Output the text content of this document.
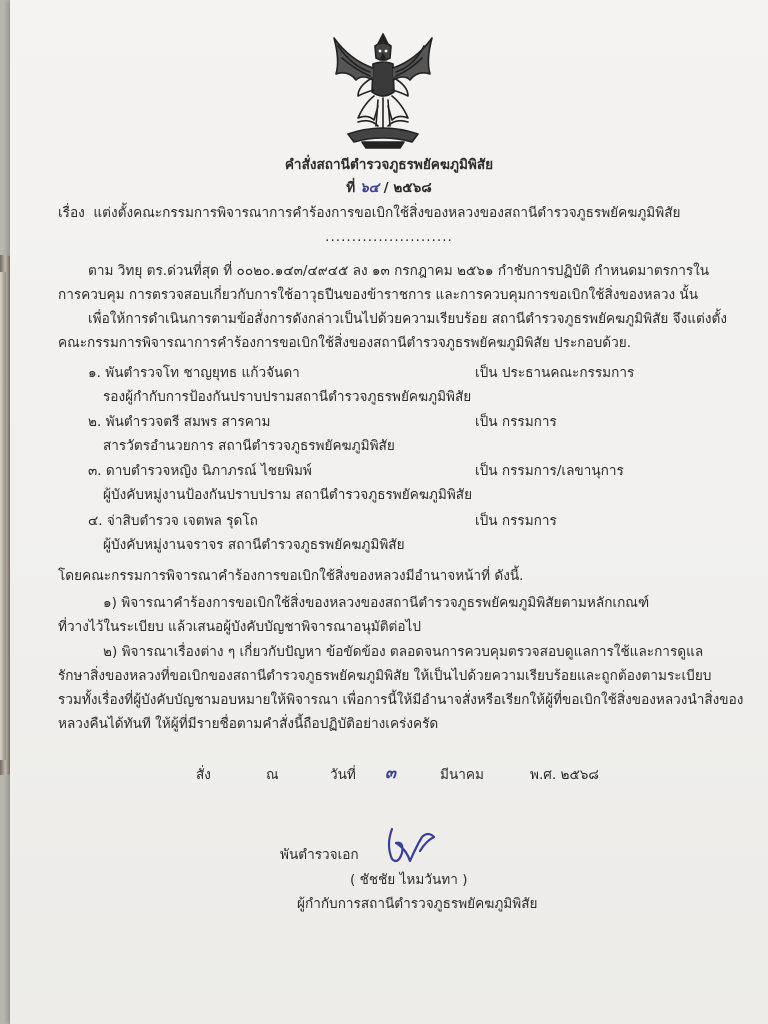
คำสั่งสถานีตำรวจภูธรพยัคฆภูมิพิสัย
ที่ ๖๔ / ๒๕๖๘
เรื่อง แต่งตั้งคณะกรรมการพิจารณาการคำร้องการขอเบิกใช้สิ่งของหลวงของสถานีตำรวจภูธรพยัคฆภูมิพิสัย
........................
ตาม วิทยุ ตร.ด่วนที่สุด ที่ ๐๐๒๐.๑๔๓/๔๙๔๕ ลง ๑๓ กรกฎาคม ๒๕๖๑ กำชับการปฏิบัติ กำหนดมาตรการใน
การควบคุม การตรวจสอบเกี่ยวกับการใช้อาวุธปืนของข้าราชการ และการควบคุมการขอเบิกใช้สิ่งของหลวง นั้น
เพื่อให้การดำเนินการตามข้อสั่งการดังกล่าวเป็นไปด้วยความเรียบร้อย สถานีตำรวจภูธรพยัคฆภูมิพิสัย จึงแต่งตั้ง
คณะกรรมการพิจารณาการคำร้องการขอเบิกใช้สิ่งของสถานีตำรวจภูธรพยัคฆภูมิพิสัย ประกอบด้วย.
๑. พันตำรวจโท ชาญยุทธ แก้วจันดา	เป็น ประธานคณะกรรมการ
รองผู้กำกับการป้องกันปราบปรามสถานีตำรวจภูธรพยัคฆภูมิพิสัย
๒. พันตำรวจตรี สมพร สารคาม	เป็น กรรมการ
สารวัตรอำนวยการ สถานีตำรวจภูธรพยัคฆภูมิพิสัย
๓. ดาบตำรวจหญิง นิภาภรณ์ ไชยพิมพ์	เป็น กรรมการ/เลขานุการ
ผู้บังคับหมู่งานป้องกันปราบปราม สถานีตำรวจภูธรพยัคฆภูมิพิสัย
๔. จ่าสิบตำรวจ เจตพล รุดโถ	เป็น กรรมการ
ผู้บังคับหมู่งานจราจร สถานีตำรวจภูธรพยัคฆภูมิพิสัย
โดยคณะกรรมการพิจารณาคำร้องการขอเบิกใช้สิ่งของหลวงมีอำนาจหน้าที่ ดังนี้.
๑) พิจารณาคำร้องการขอเบิกใช้สิ่งของหลวงของสถานีตำรวจภูธรพยัคฆภูมิพิสัยตามหลักเกณฑ์
ที่วางไว้ในระเบียบ แล้วเสนอผู้บังคับบัญชาพิจารณาอนุมัติต่อไป
๒) พิจารณาเรื่องต่าง ๆ เกี่ยวกับปัญหา ข้อขัดข้อง ตลอดจนการควบคุมตรวจสอบดูแลการใช้และการดูแล
รักษาสิ่งของหลวงที่ขอเบิกของสถานีตำรวจภูธรพยัคฆภูมิพิสัย ให้เป็นไปด้วยความเรียบร้อยและถูกต้องตามระเบียบ
รวมทั้งเรื่องที่ผู้บังคับบัญชามอบหมายให้พิจารณา เพื่อการนี้ให้มีอำนาจสั่งหรือเรียกให้ผู้ที่ขอเบิกใช้สิ่งของหลวงนำสิ่งของ
หลวงคืนได้ทันที ให้ผู้ที่มีรายชื่อตามคำสั่งนี้ถือปฏิบัติอย่างเคร่งครัด
สั่ง	ณ	วันที่ ๓	มีนาคม	พ.ศ. ๒๕๖๘
พันตำรวจเอก
( ชัชชัย ไหมวันทา )
ผู้กำกับการสถานีตำรวจภูธรพยัคฆภูมิพิสัย
